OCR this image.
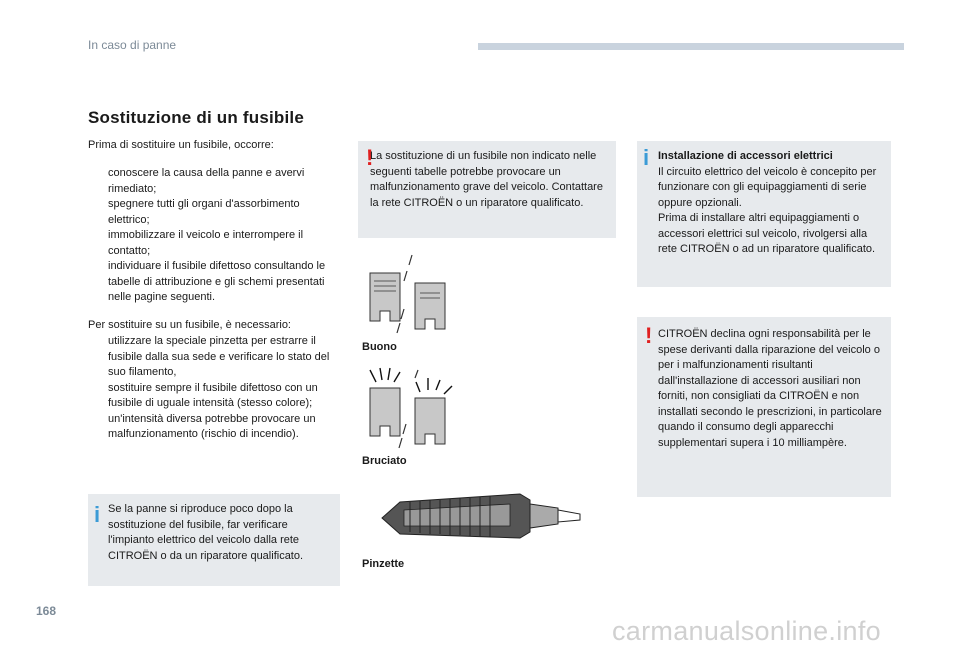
In caso di panne
Sostituzione di un fusibile
Prima di sostituire un fusibile, occorre:
conoscere la causa della panne e avervi rimediato;
spegnere tutti gli organi d'assorbimento elettrico;
immobilizzare il veicolo e interrompere il contatto;
individuare il fusibile difettoso consultando le tabelle di attribuzione e gli schemi presentati nelle pagine seguenti.
Per sostituire su un fusibile, è necessario:
utilizzare la speciale pinzetta per estrarre il fusibile dalla sua sede e verificare lo stato del suo filamento,
sostituire sempre il fusibile difettoso con un fusibile di uguale intensità (stesso colore); un'intensità diversa potrebbe provocare un malfunzionamento (rischio di incendio).
i Se la panne si riproduce poco dopo la sostituzione del fusibile, far verificare l'impianto elettrico del veicolo dalla rete CITROËN o da un riparatore qualificato.
!
La sostituzione di un fusibile non indicato nelle seguenti tabelle potrebbe provocare un malfunzionamento grave del veicolo. Contattare la rete CITROËN o un riparatore qualificato.
Buono
Bruciato
Pinzette
i Installazione di accessori elettrici
Il circuito elettrico del veicolo è concepito per funzionare con gli equipaggiamenti di serie oppure opzionali.
Prima di installare altri equipaggiamenti o accessori elettrici sul veicolo, rivolgersi alla rete CITROËN o ad un riparatore qualificato.
! CITROËN declina ogni responsabilità per le spese derivanti dalla riparazione del veicolo o per i malfunzionamenti risultanti dall'installazione di accessori ausiliari non forniti, non consigliati da CITROËN e non installati secondo le prescrizioni, in particolare quando il consumo degli apparecchi supplementari supera i 10 milliampère.
168
carmanualsonline.info
